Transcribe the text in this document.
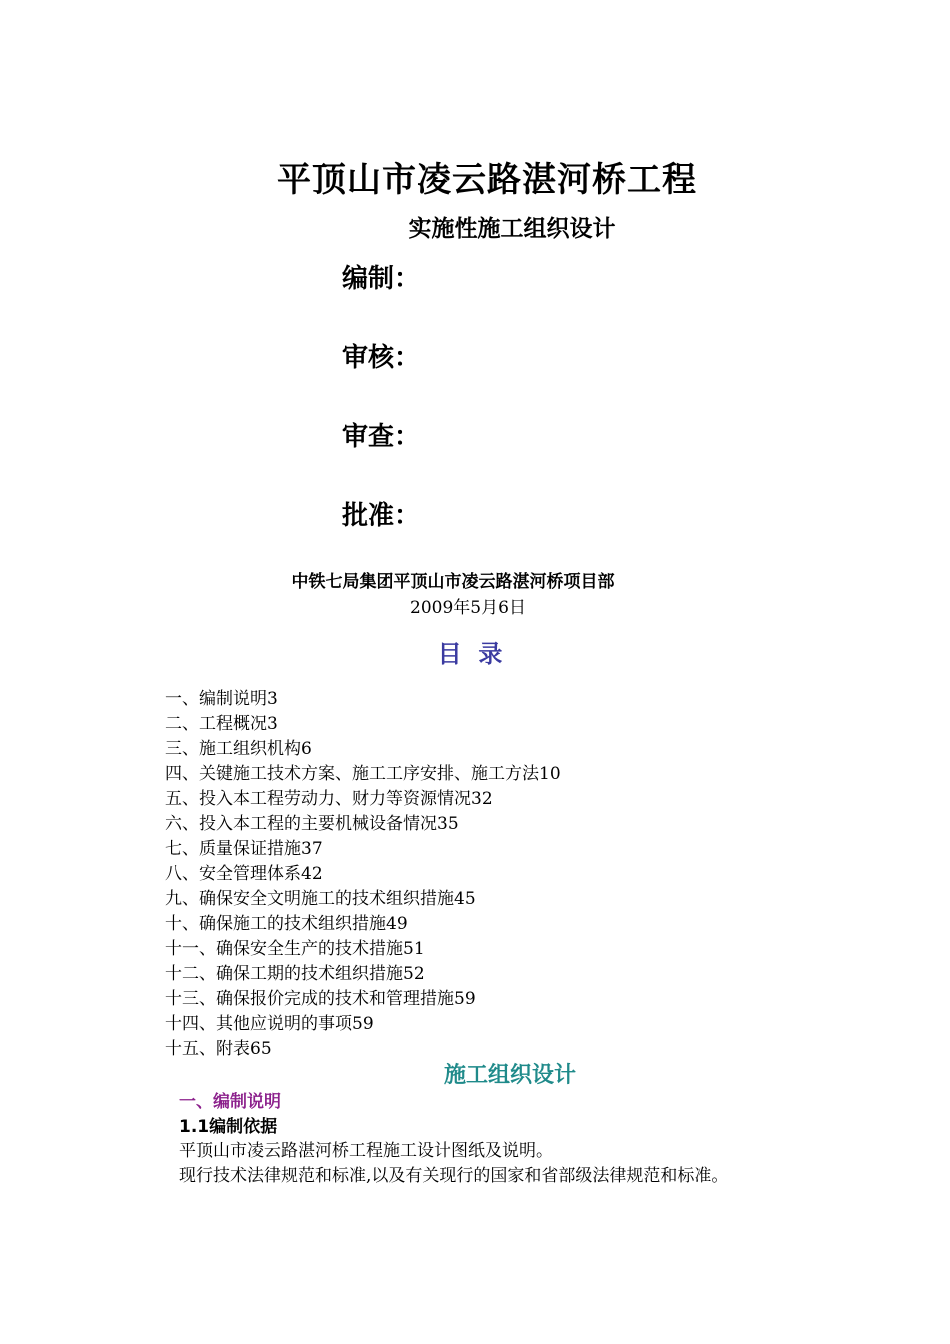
平顶山市凌云路湛河桥工程
实施性施工组织设计
编制：
审核：
审查：
批准：
中铁七局集团平顶山市凌云路湛河桥项目部
2009年5月6日
目  录
一、编制说明3
二、工程概况3
三、施工组织机构6
四、关键施工技术方案、施工工序安排、施工方法10
五、投入本工程劳动力、财力等资源情况32
六、投入本工程的主要机械设备情况35
七、质量保证措施37
八、安全管理体系42
九、确保安全文明施工的技术组织措施45
十、确保施工的技术组织措施49
十一、确保安全生产的技术措施51
十二、确保工期的技术组织措施52
十三、确保报价完成的技术和管理措施59
十四、其他应说明的事项59
十五、附表65
施工组织设计
一、编制说明
1.1编制依据
平顶山市凌云路湛河桥工程施工设计图纸及说明。
现行技术法律规范和标准,以及有关现行的国家和省部级法律规范和标准。
